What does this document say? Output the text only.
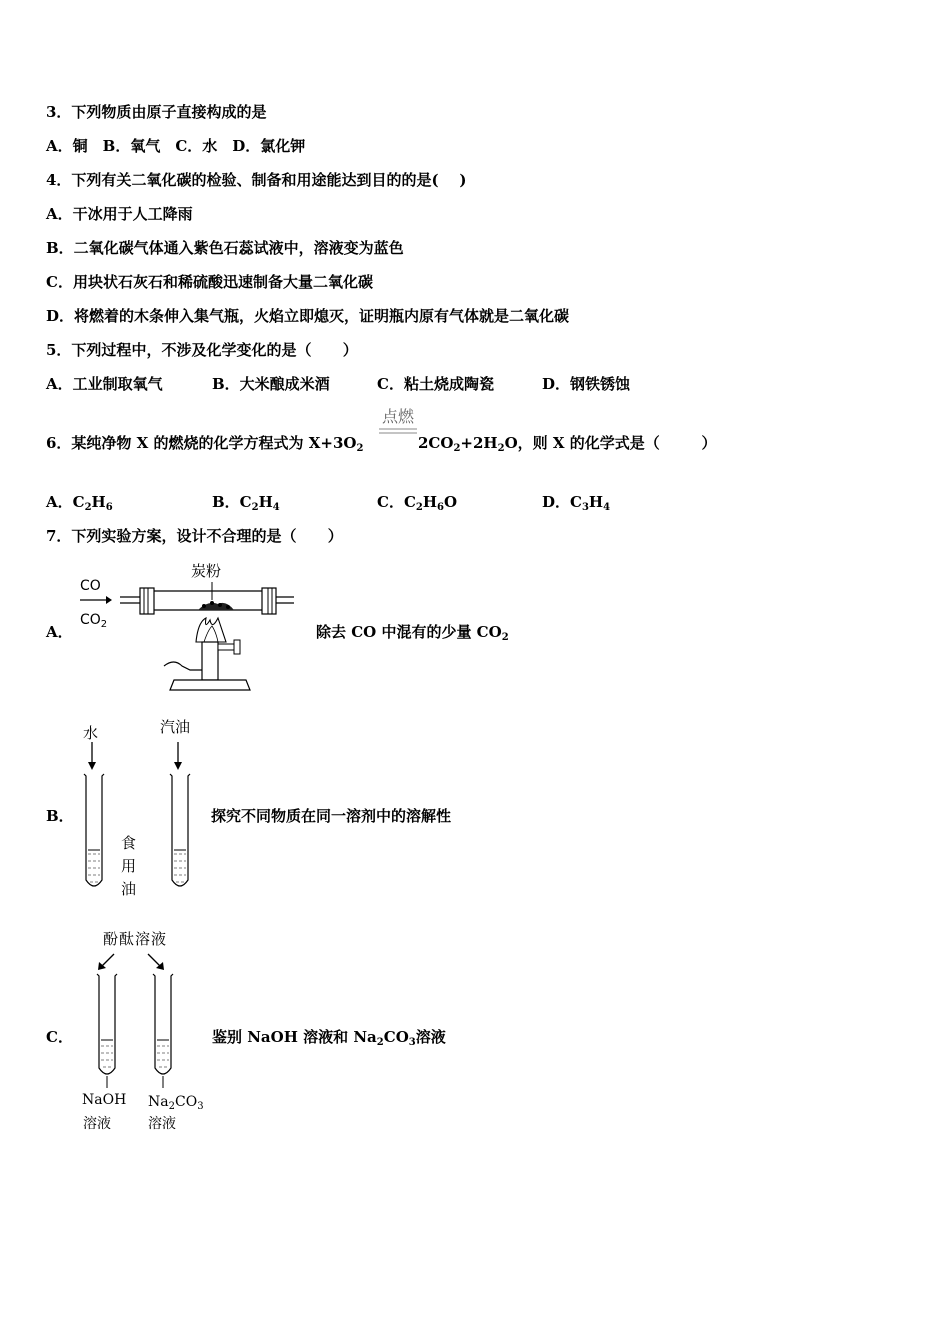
3．下列物质由原子直接构成的是
A．铜　B．氧气　C．水　D．氯化钾
4．下列有关二氧化碳的检验、制备和用途能达到目的的是(    )
A．干冰用于人工降雨
B．二氧化碳气体通入紫色石蕊试液中，溶液变为蓝色
C．用块状石灰石和稀硫酸迅速制备大量二氧化碳
D．将燃着的木条伸入集气瓶，火焰立即熄灭，证明瓶内原有气体就是二氧化碳
5．下列过程中，不涉及化学变化的是（      ）
A．工业制取氧气	B．大米酿成米酒	C．粘土烧成陶瓷	D．钢铁锈蚀
6．某纯净物 X 的燃烧的化学方程式为 $X+3O_2$
点燃
$2CO_2+2H_2O$，则 X 的化学式是（        ）
A．$C_2H_6$	B．$C_2H_4$	C．$C_2H_6O$	D．$C_3H_4$
7．下列实验方案，设计不合理的是（      ）
A．	除去 CO 中混有的少量 $CO_2$
CO
$CO_2$
炭粉
B．	探究不同物质在同一溶剂中的溶解性
水	汽油
食
用
油
C．	鉴别 NaOH 溶液和 $Na_2CO_3$溶液
酚酞溶液
NaOH
溶液
$Na_2CO_3$
溶液
